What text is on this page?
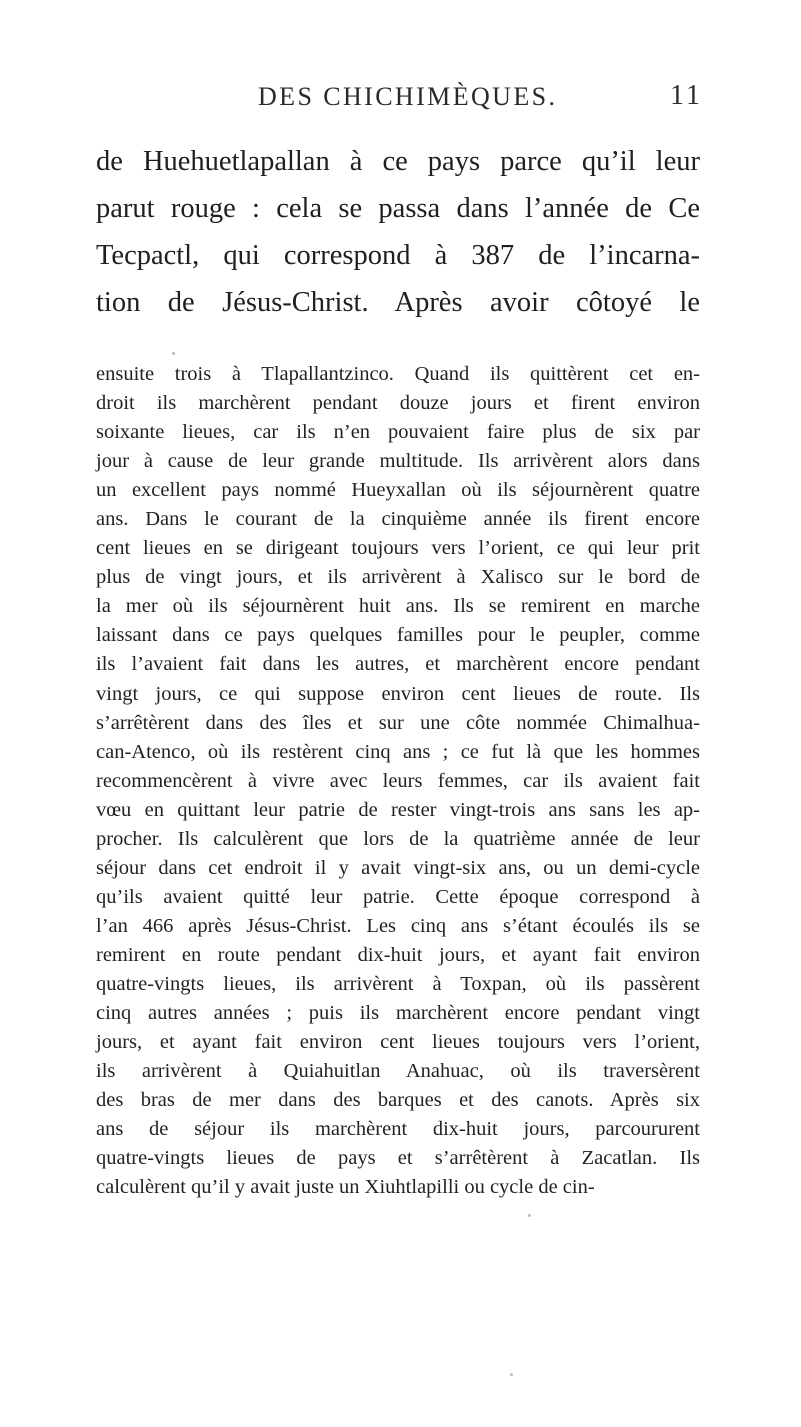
DES CHICHIMÈQUES.	11
de Huehuetlapallan à ce pays parce qu’il leur
parut rouge : cela se passa dans l’année de Ce
Tecpactl, qui correspond à 387 de l’incarna-
tion de Jésus-Christ. Après avoir côtoyé le
ensuite trois à Tlapallantzinco. Quand ils quittèrent cet en-
droit ils marchèrent pendant douze jours et firent environ
soixante lieues, car ils n’en pouvaient faire plus de six par
jour à cause de leur grande multitude. Ils arrivèrent alors dans
un excellent pays nommé Hueyxallan où ils séjournèrent quatre
ans. Dans le courant de la cinquième année ils firent encore
cent lieues en se dirigeant toujours vers l’orient, ce qui leur prit
plus de vingt jours, et ils arrivèrent à Xalisco sur le bord de
la mer où ils séjournèrent huit ans. Ils se remirent en marche
laissant dans ce pays quelques familles pour le peupler, comme
ils l’avaient fait dans les autres, et marchèrent encore pendant
vingt jours, ce qui suppose environ cent lieues de route. Ils
s’arrêtèrent dans des îles et sur une côte nommée Chimalhua-
can-Atenco, où ils restèrent cinq ans ; ce fut là que les hommes
recommencèrent à vivre avec leurs femmes, car ils avaient fait
vœu en quittant leur patrie de rester vingt-trois ans sans les ap-
procher. Ils calculèrent que lors de la quatrième année de leur
séjour dans cet endroit il y avait vingt-six ans, ou un demi-cycle
qu’ils avaient quitté leur patrie. Cette époque correspond à
l’an 466 après Jésus-Christ. Les cinq ans s’étant écoulés ils se
remirent en route pendant dix-huit jours, et ayant fait environ
quatre-vingts lieues, ils arrivèrent à Toxpan, où ils passèrent
cinq autres années ; puis ils marchèrent encore pendant vingt
jours, et ayant fait environ cent lieues toujours vers l’orient,
ils arrivèrent à Quiahuitlan Anahuac, où ils traversèrent
des bras de mer dans des barques et des canots. Après six
ans de séjour ils marchèrent dix-huit jours, parcoururent
quatre-vingts lieues de pays et s’arrêtèrent à Zacatlan. Ils
calculèrent qu’il y avait juste un Xiuhtlapilli ou cycle de cin-
